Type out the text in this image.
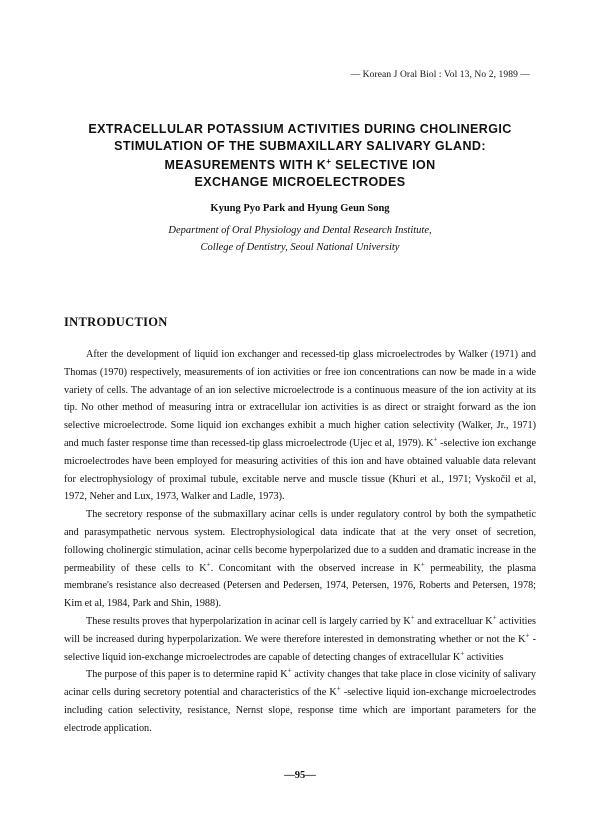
— Korean J Oral Biol : Vol 13, No 2, 1989 —
EXTRACELLULAR POTASSIUM ACTIVITIES DURING CHOLINERGIC
STIMULATION OF THE SUBMAXILLARY SALIVARY GLAND:
MEASUREMENTS WITH K+ SELECTIVE ION
EXCHANGE MICROELECTRODES
Kyung Pyo Park and Hyung Geun Song
Department of Oral Physiology and Dental Research Institute,
College of Dentistry, Seoul National University
INTRODUCTION

After the development of liquid ion exchanger and recessed-tip glass microelectrodes by Walker (1971) and Thomas (1970) respectively, measurements of ion activities or free ion concentrations can now be made in a wide variety of cells. The advantage of an ion selective microelectrode is a continuous measure of the ion activity at its tip. No other method of measuring intra or extracellular ion activities is as direct or straight forward as the ion selective microelectrode. Some liquid ion exchanges exhibit a much higher cation selectivity (Walker, Jr., 1971) and much faster response time than recessed-tip glass microelectrode (Ujec et al, 1979). K+ -selective ion exchange microelectrodes have been employed for measuring activities of this ion and have obtained valuable data relevant for electrophysiology of proximal tubule, excitable nerve and muscle tissue (Khuri et al., 1971; Vyskočil et al, 1972, Neher and Lux, 1973, Walker and Ladle, 1973).

The secretory response of the submaxillary acinar cells is under regulatory control by both the sympathetic and parasympathetic nervous system. Electrophysiological data indicate that at the very onset of secretion, following cholinergic stimulation, acinar cells become hyperpolarized due to a sudden and dramatic increase in the permeability of these cells to K+. Concomitant with the observed increase in K+ permeability, the plasma membrane's resistance also decreased (Petersen and Pedersen, 1974, Petersen, 1976, Roberts and Petersen, 1978; Kim et al, 1984, Park and Shin, 1988).

These results proves that hyperpolarization in acinar cell is largely carried by K+ and extracelluar K+ activities will be increased during hyperpolarization. We were therefore interested in demonstrating whether or not the K+ -selective liquid ion-exchange microelectrodes are capable of detecting changes of extracellular K+ activities

The purpose of this paper is to determine rapid K+ activity changes that take place in close vicinity of salivary acinar cells during secretory potential and characteristics of the K+ -selective liquid ion-exchange microelectrodes including cation selectivity, resistance, Nernst slope, response time which are important parameters for the electrode application.

—95—
